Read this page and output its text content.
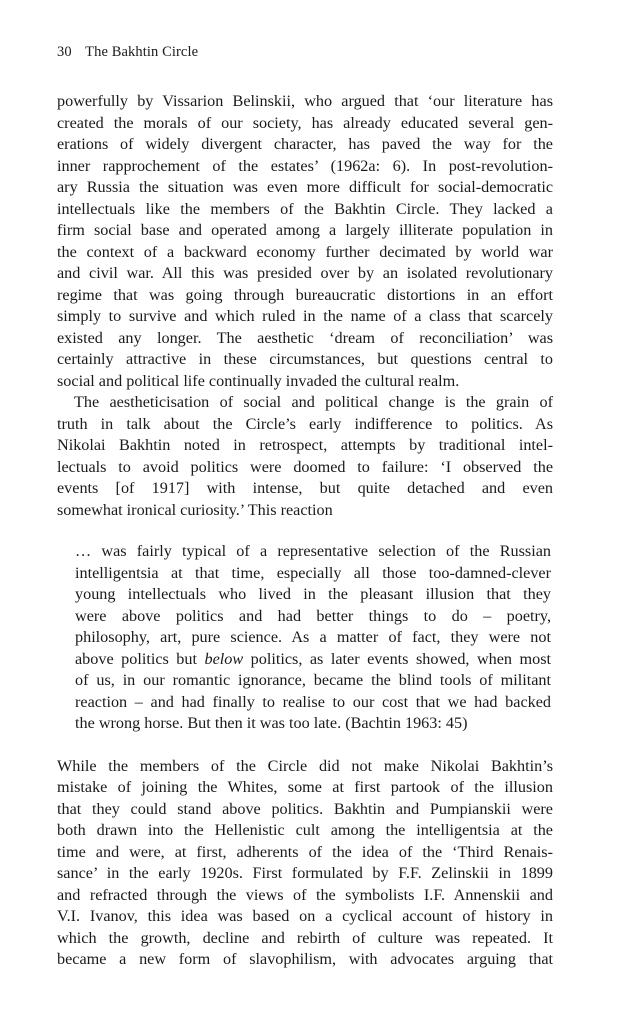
30 The Bakhtin Circle
powerfully by Vissarion Belinskii, who argued that ‘our literature has
created the morals of our society, has already educated several gen-
erations of widely divergent character, has paved the way for the
inner rapprochement of the estates’ (1962a: 6). In post-revolution-
ary Russia the situation was even more difficult for social-democratic
intellectuals like the members of the Bakhtin Circle. They lacked a
firm social base and operated among a largely illiterate population in
the context of a backward economy further decimated by world war
and civil war. All this was presided over by an isolated revolutionary
regime that was going through bureaucratic distortions in an effort
simply to survive and which ruled in the name of a class that scarcely
existed any longer. The aesthetic ‘dream of reconciliation’ was
certainly attractive in these circumstances, but questions central to
social and political life continually invaded the cultural realm.
The aestheticisation of social and political change is the grain of
truth in talk about the Circle’s early indifference to politics. As
Nikolai Bakhtin noted in retrospect, attempts by traditional intel-
lectuals to avoid politics were doomed to failure: ‘I observed the
events [of 1917] with intense, but quite detached and even
somewhat ironical curiosity.’ This reaction
… was fairly typical of a representative selection of the Russian
intelligentsia at that time, especially all those too-damned-clever
young intellectuals who lived in the pleasant illusion that they
were above politics and had better things to do – poetry,
philosophy, art, pure science. As a matter of fact, they were not
above politics but below politics, as later events showed, when most
of us, in our romantic ignorance, became the blind tools of militant
reaction – and had finally to realise to our cost that we had backed
the wrong horse. But then it was too late. (Bachtin 1963: 45)
While the members of the Circle did not make Nikolai Bakhtin’s
mistake of joining the Whites, some at first partook of the illusion
that they could stand above politics. Bakhtin and Pumpianskii were
both drawn into the Hellenistic cult among the intelligentsia at the
time and were, at first, adherents of the idea of the ‘Third Renais-
sance’ in the early 1920s. First formulated by F.F. Zelinskii in 1899
and refracted through the views of the symbolists I.F. Annenskii and
V.I. Ivanov, this idea was based on a cyclical account of history in
which the growth, decline and rebirth of culture was repeated. It
became a new form of slavophilism, with advocates arguing that
